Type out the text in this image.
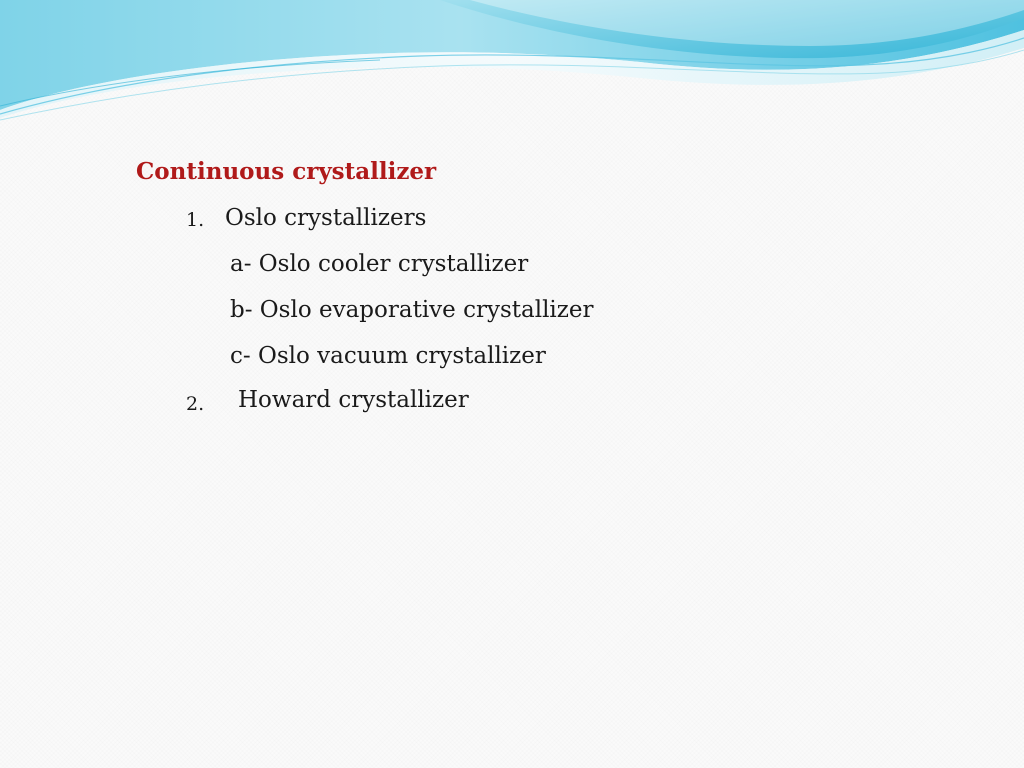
Continuous crystallizer
1. Oslo crystallizers
a- Oslo cooler crystallizer
b- Oslo evaporative crystallizer
c- Oslo vacuum crystallizer
2. Howard crystallizer
